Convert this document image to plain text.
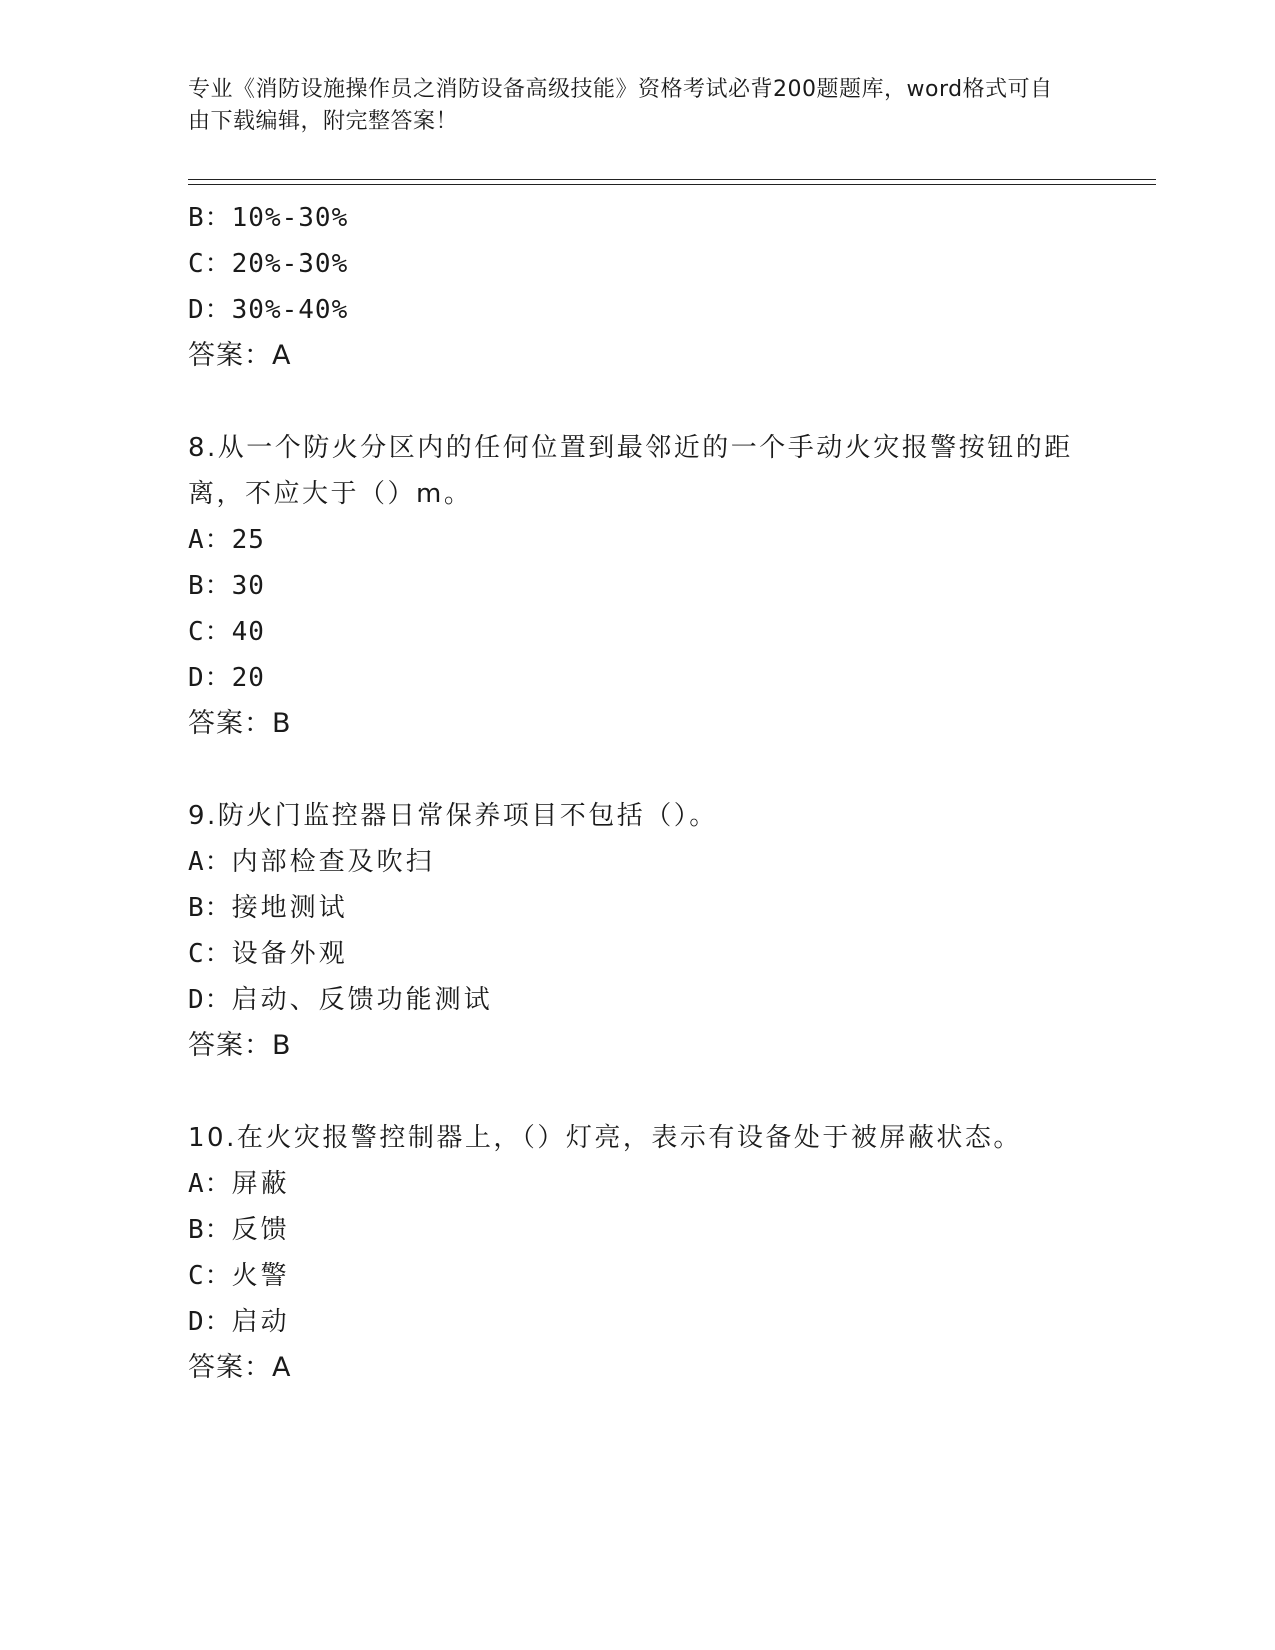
专业《消防设施操作员之消防设备高级技能》资格考试必背200题题库，word格式可自由下载编辑，附完整答案！
B：10%-30%
C：20%-30%
D：30%-40%
答案：A
8.从一个防火分区内的任何位置到最邻近的一个手动火灾报警按钮的距离，不应大于（）m。
A：25
B：30
C：40
D：20
答案：B
9.防火门监控器日常保养项目不包括（）。
A：内部检查及吹扫
B：接地测试
C：设备外观
D：启动、反馈功能测试
答案：B
10.在火灾报警控制器上，（）灯亮，表示有设备处于被屏蔽状态。
A：屏蔽
B：反馈
C：火警
D：启动
答案：A
